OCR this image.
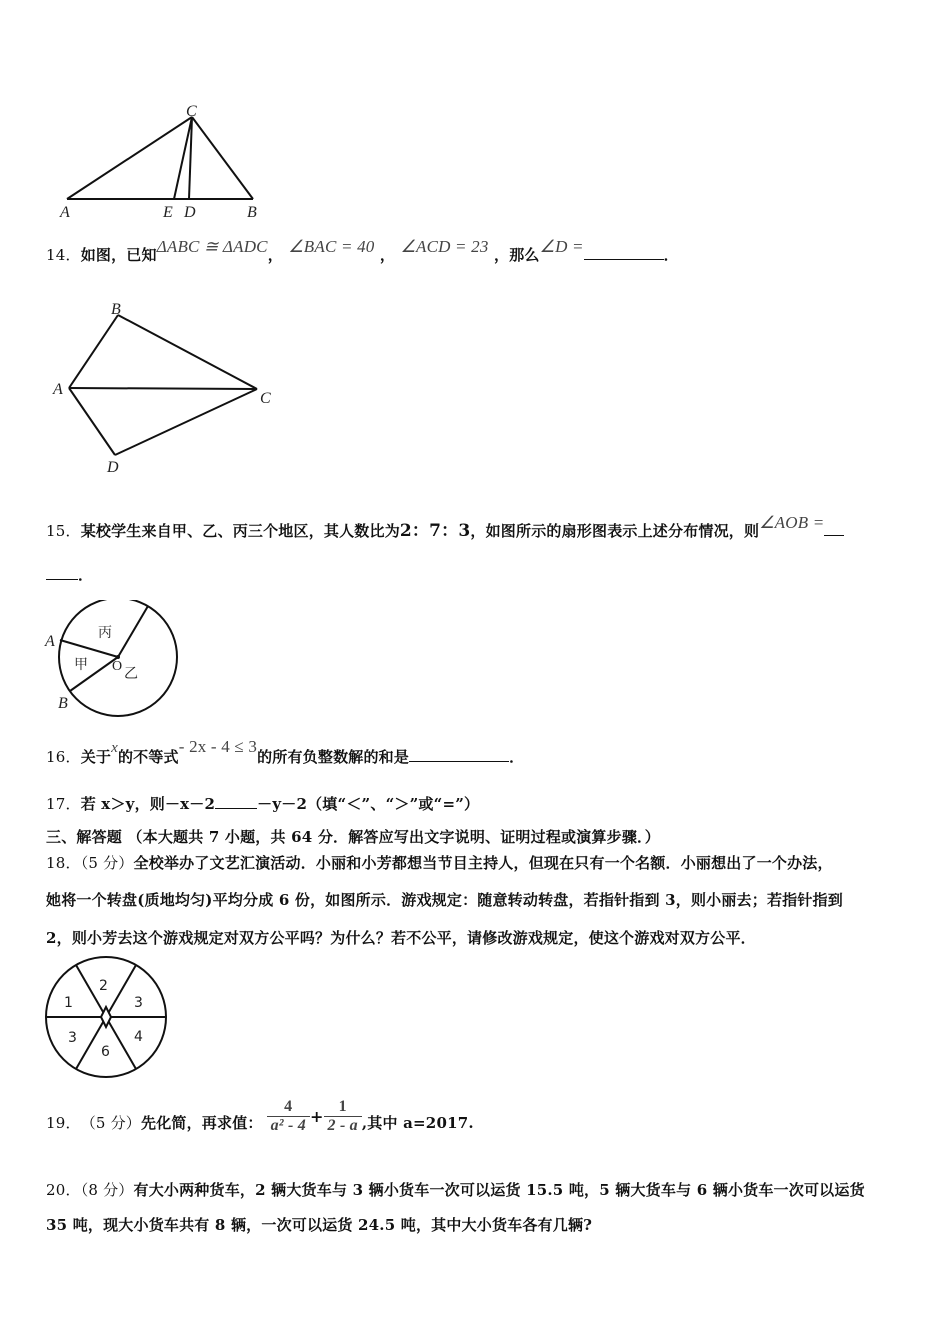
C
A	E D	B
14．如图，已知ΔABC ≅ ΔADC， ∠BAC = 40 ， ∠ACD = 23 ，那么∠D =	．
B
A
C
D
15．某校学生来自甲、乙、丙三个地区，其人数比为2：7：3，如图所示的扇形图表示上述分布情况，则∠AOB =
．
A
B
丙
甲 O 乙
16．关于x的不等式- 2x - 4 ≤ 3的所有负整数解的和是	．
17．若 x＞y，则－x－2	－y－2（填“＜”、“＞”或“=”）
三、解答题 （本大题共 7 小题，共 64 分．解答应写出文字说明、证明过程或演算步骤．）
18．（5 分）全校举办了文艺汇演活动．小丽和小芳都想当节目主持人，但现在只有一个名额．小丽想出了一个办法，
她将一个转盘(质地均匀)平均分成 6 份，如图所示．游戏规定：随意转动转盘，若指针指到 3，则小丽去；若指针指到
2，则小芳去这个游戏规定对双方公平吗？为什么？若不公平，请修改游戏规定，使这个游戏对双方公平．
2
3
4
6
3
1
19． （5 分） 先化简，再求值： $\frac{4}{\text{a² - 4}} + \frac{1}{2 - a}$ ,其中 a=2017.
20．（8 分）有大小两种货车，2 辆大货车与 3 辆小货车一次可以运货 15.5 吨，5 辆大货车与 6 辆小货车一次可以运货
35 吨，现大小货车共有 8 辆，一次可以运货 24.5 吨，其中大小货车各有几辆?
